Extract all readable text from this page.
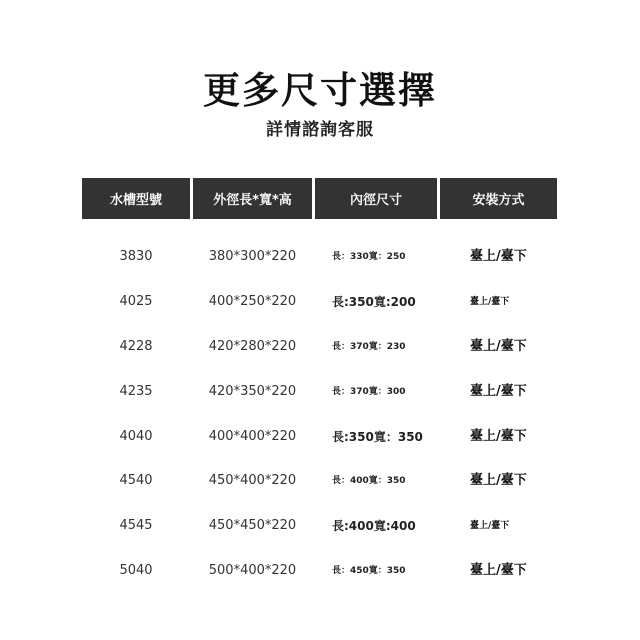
更多尺寸選擇
詳情諮詢客服
水槽型號	外徑長*寬*高	內徑尺寸	安裝方式
3830	380*300*220	長：330寬：250	臺上/臺下
4025	400*250*220	長:350寬:200	臺上/臺下
4228	420*280*220	長：370寬：230	臺上/臺下
4235	420*350*220	長：370寬：300	臺上/臺下
4040	400*400*220	長:350寬：350	臺上/臺下
4540	450*400*220	長：400寬：350	臺上/臺下
4545	450*450*220	長:400寬:400	臺上/臺下
5040	500*400*220	長：450寬：350	臺上/臺下
